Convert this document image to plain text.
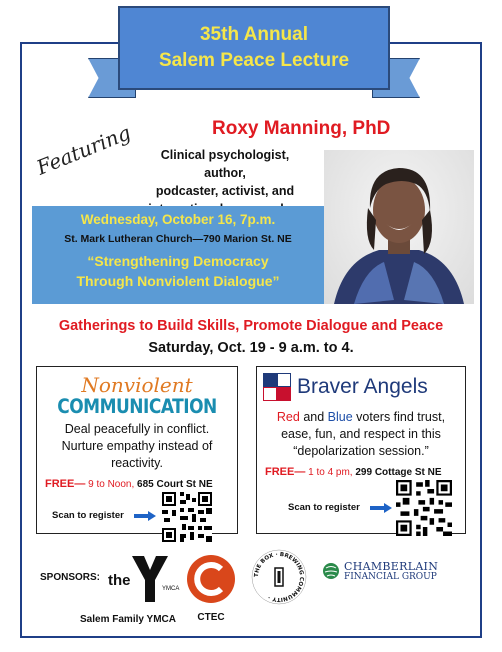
35th Annual
Salem Peace Lecture
Featuring	Roxy Manning, PhD
Clinical psychologist, author,
podcaster, activist, and
Wednesday, October 16, 7p.m.
St. Mark Lutheran Church—790 Marion St. NE
“Strengthening Democracy
Through Nonviolent Dialogue”
Gatherings to Build Skills, Promote Dialogue and Peace
Saturday, Oct. 19 - 9 a.m. to 4.
Nonviolent
COMMUNICATION
Deal peacefully in conflict.
Nurture empathy instead of
reactivity.
FREE— 9 to Noon, 685 Court St NE
Scan to register
Braver Angels
Red and Blue voters find trust,
ease, fun, and respect in this
“depolarization session.”
FREE— 1 to 4 pm, 299 Cottage St NE
Scan to register
SPONSORS: the	YMCA
Salem Family YMCA	CTEC
THE BOX · BREWING COMMUNITY ·
CHAMBERLAIN
FINANCIAL GROUP
